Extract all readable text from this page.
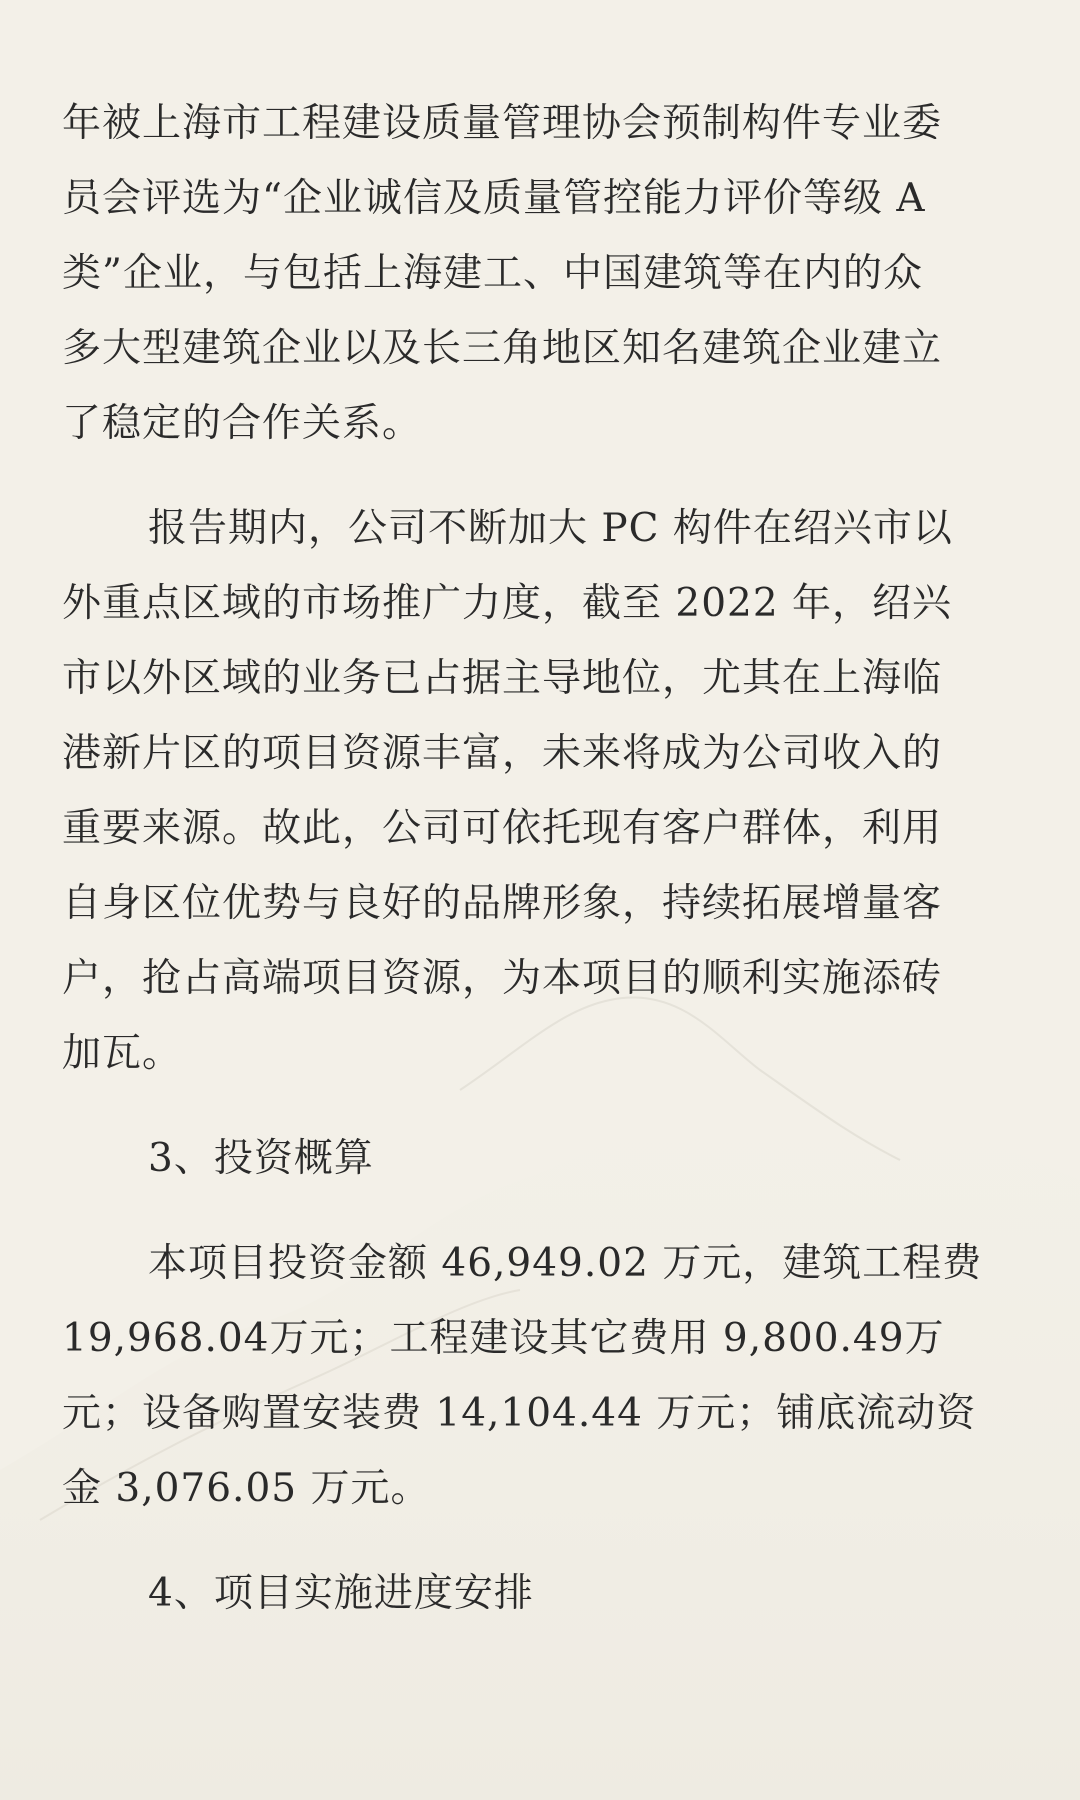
年被上海市工程建设质量管理协会预制构件专业委
员会评选为“企业诚信及质量管控能力评价等级 A
类”企业，与包括上海建工、中国建筑等在内的众
多大型建筑企业以及长三角地区知名建筑企业建立
了稳定的合作关系。

报告期内，公司不断加大 PC 构件在绍兴市以
外重点区域的市场推广力度，截至 2022 年，绍兴
市以外区域的业务已占据主导地位，尤其在上海临
港新片区的项目资源丰富，未来将成为公司收入的
重要来源。故此，公司可依托现有客户群体，利用
自身区位优势与良好的品牌形象，持续拓展增量客
户，抢占高端项目资源，为本项目的顺利实施添砖
加瓦。

3、投资概算

本项目投资金额 46,949.02 万元，建筑工程费
19,968.04万元；工程建设其它费用 9,800.49万
元；设备购置安装费 14,104.44 万元；铺底流动资
金 3,076.05 万元。

4、项目实施进度安排
